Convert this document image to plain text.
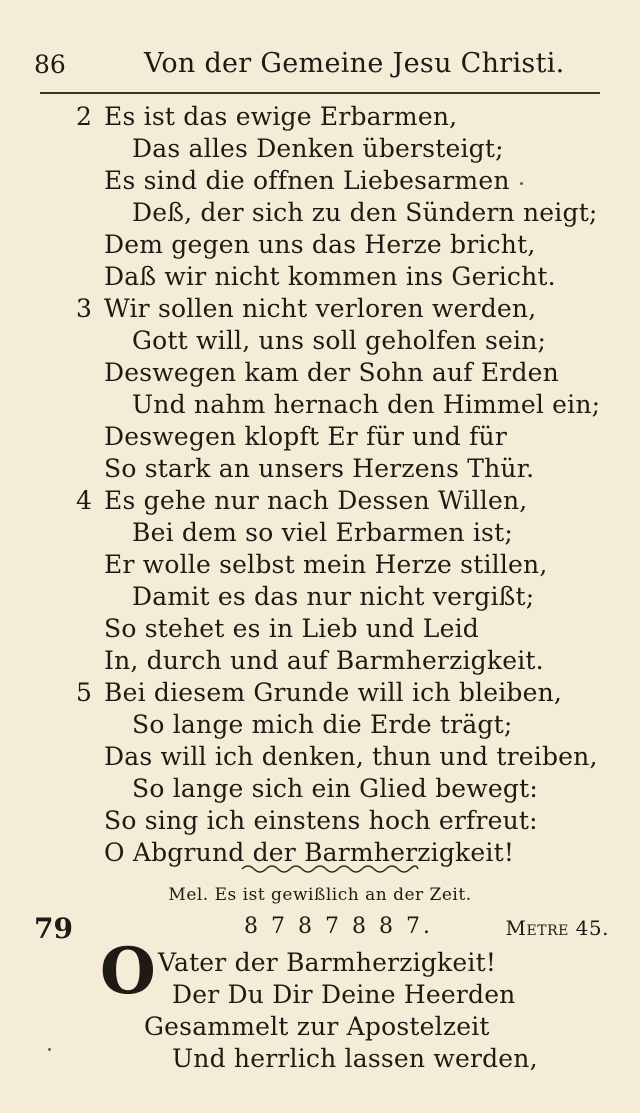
86	Von der Gemeine Jesu Christi.
2 Es ist das ewige Erbarmen,
Das alles Denken übersteigt;
Es sind die offnen Liebesarmen
Deß, der sich zu den Sündern neigt;
Dem gegen uns das Herze bricht,
Daß wir nicht kommen ins Gericht.
3 Wir sollen nicht verloren werden,
Gott will, uns soll geholfen sein;
Deswegen kam der Sohn auf Erden
Und nahm hernach den Himmel ein;
Deswegen klopft Er für und für
So stark an unsers Herzens Thür.
4 Es gehe nur nach Dessen Willen,
Bei dem so viel Erbarmen ist;
Er wolle selbst mein Herze stillen,
Damit es das nur nicht vergißt;
So stehet es in Lieb und Leid
In, durch und auf Barmherzigkeit.
5 Bei diesem Grunde will ich bleiben,
So lange mich die Erde trägt;
Das will ich denken, thun und treiben,
So lange sich ein Glied bewegt:
So sing ich einstens hoch erfreut:
O Abgrund der Barmherzigkeit!
Mel. Es ist gewißlich an der Zeit.
79	8 7 8 7 8 8 7.	Metre 45.
O Vater der Barmherzigkeit!
Der Du Dir Deine Heerden
Gesammelt zur Apostelzeit
Und herrlich lassen werden,
